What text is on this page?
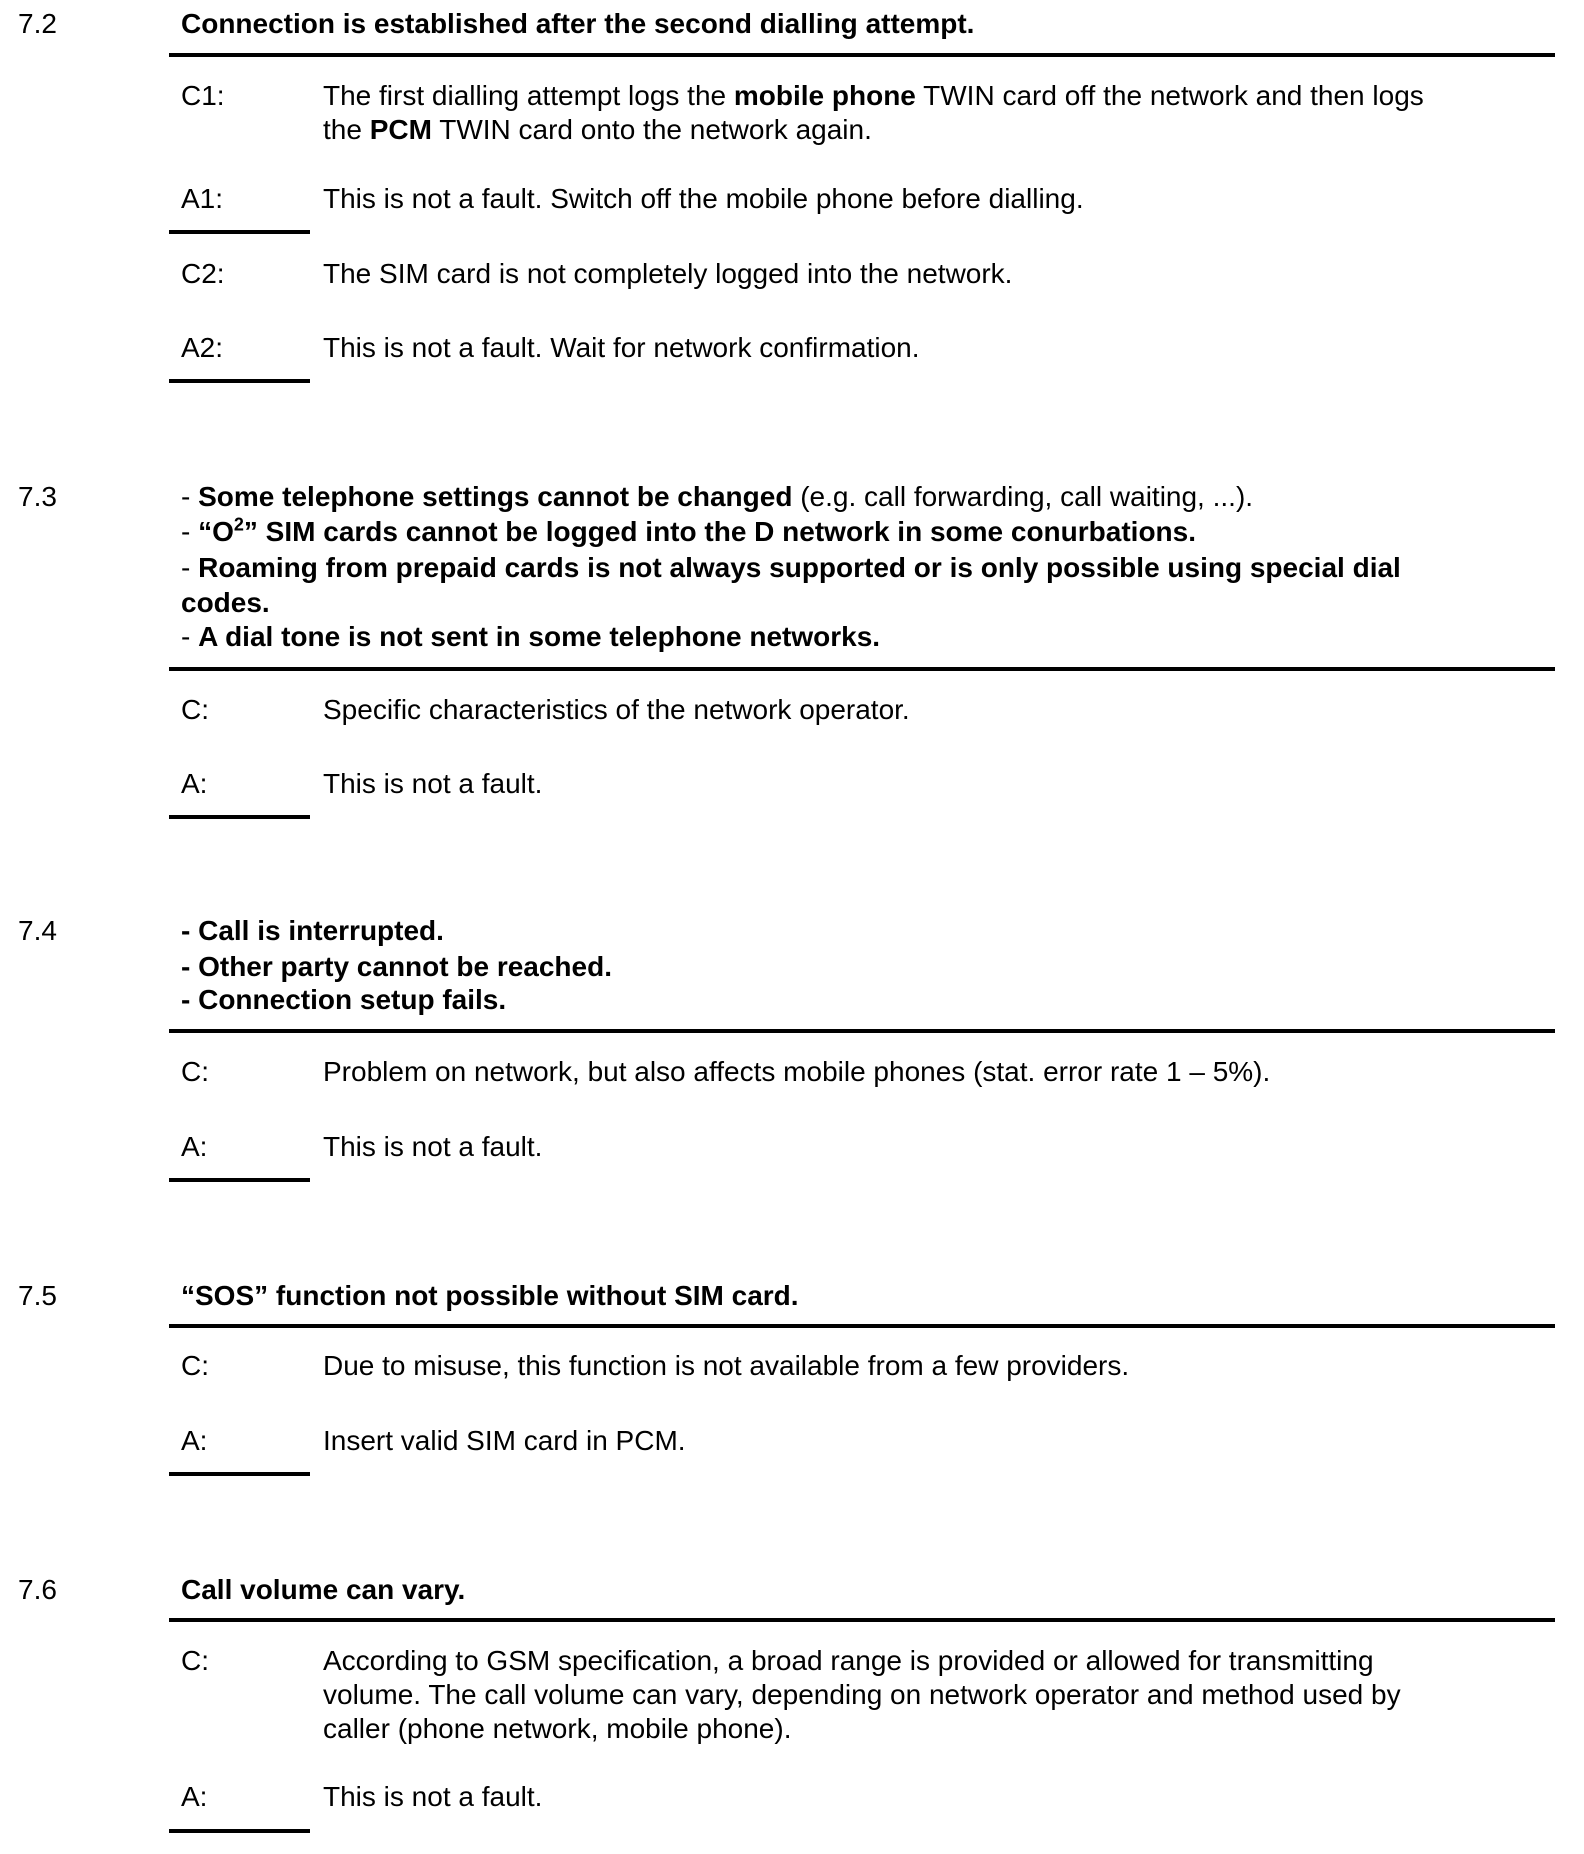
7.2	Connection is established after the second dialling attempt.
C1:	The first dialling attempt logs the mobile phone TWIN card off the network and then logs
the PCM TWIN card onto the network again.
A1:	This is not a fault. Switch off the mobile phone before dialling.
C2:	The SIM card is not completely logged into the network.
A2:	This is not a fault. Wait for network confirmation.
7.3	- Some telephone settings cannot be changed (e.g. call forwarding, call waiting, ...).
- “$O^2$” SIM cards cannot be logged into the D network in some conurbations.
- Roaming from prepaid cards is not always supported or is only possible using special dial
codes.
- A dial tone is not sent in some telephone networks.
C:	Specific characteristics of the network operator.
A:	This is not a fault.
7.4	- Call is interrupted.
- Other party cannot be reached.
- Connection setup fails.
C:	Problem on network, but also affects mobile phones (stat. error rate 1 – 5%).
A:	This is not a fault.
7.5	“SOS” function not possible without SIM card.
C:	Due to misuse, this function is not available from a few providers.
A:	Insert valid SIM card in PCM.
7.6	Call volume can vary.
C:	According to GSM specification, a broad range is provided or allowed for transmitting
volume. The call volume can vary, depending on network operator and method used by
caller (phone network, mobile phone).
A:	This is not a fault.
